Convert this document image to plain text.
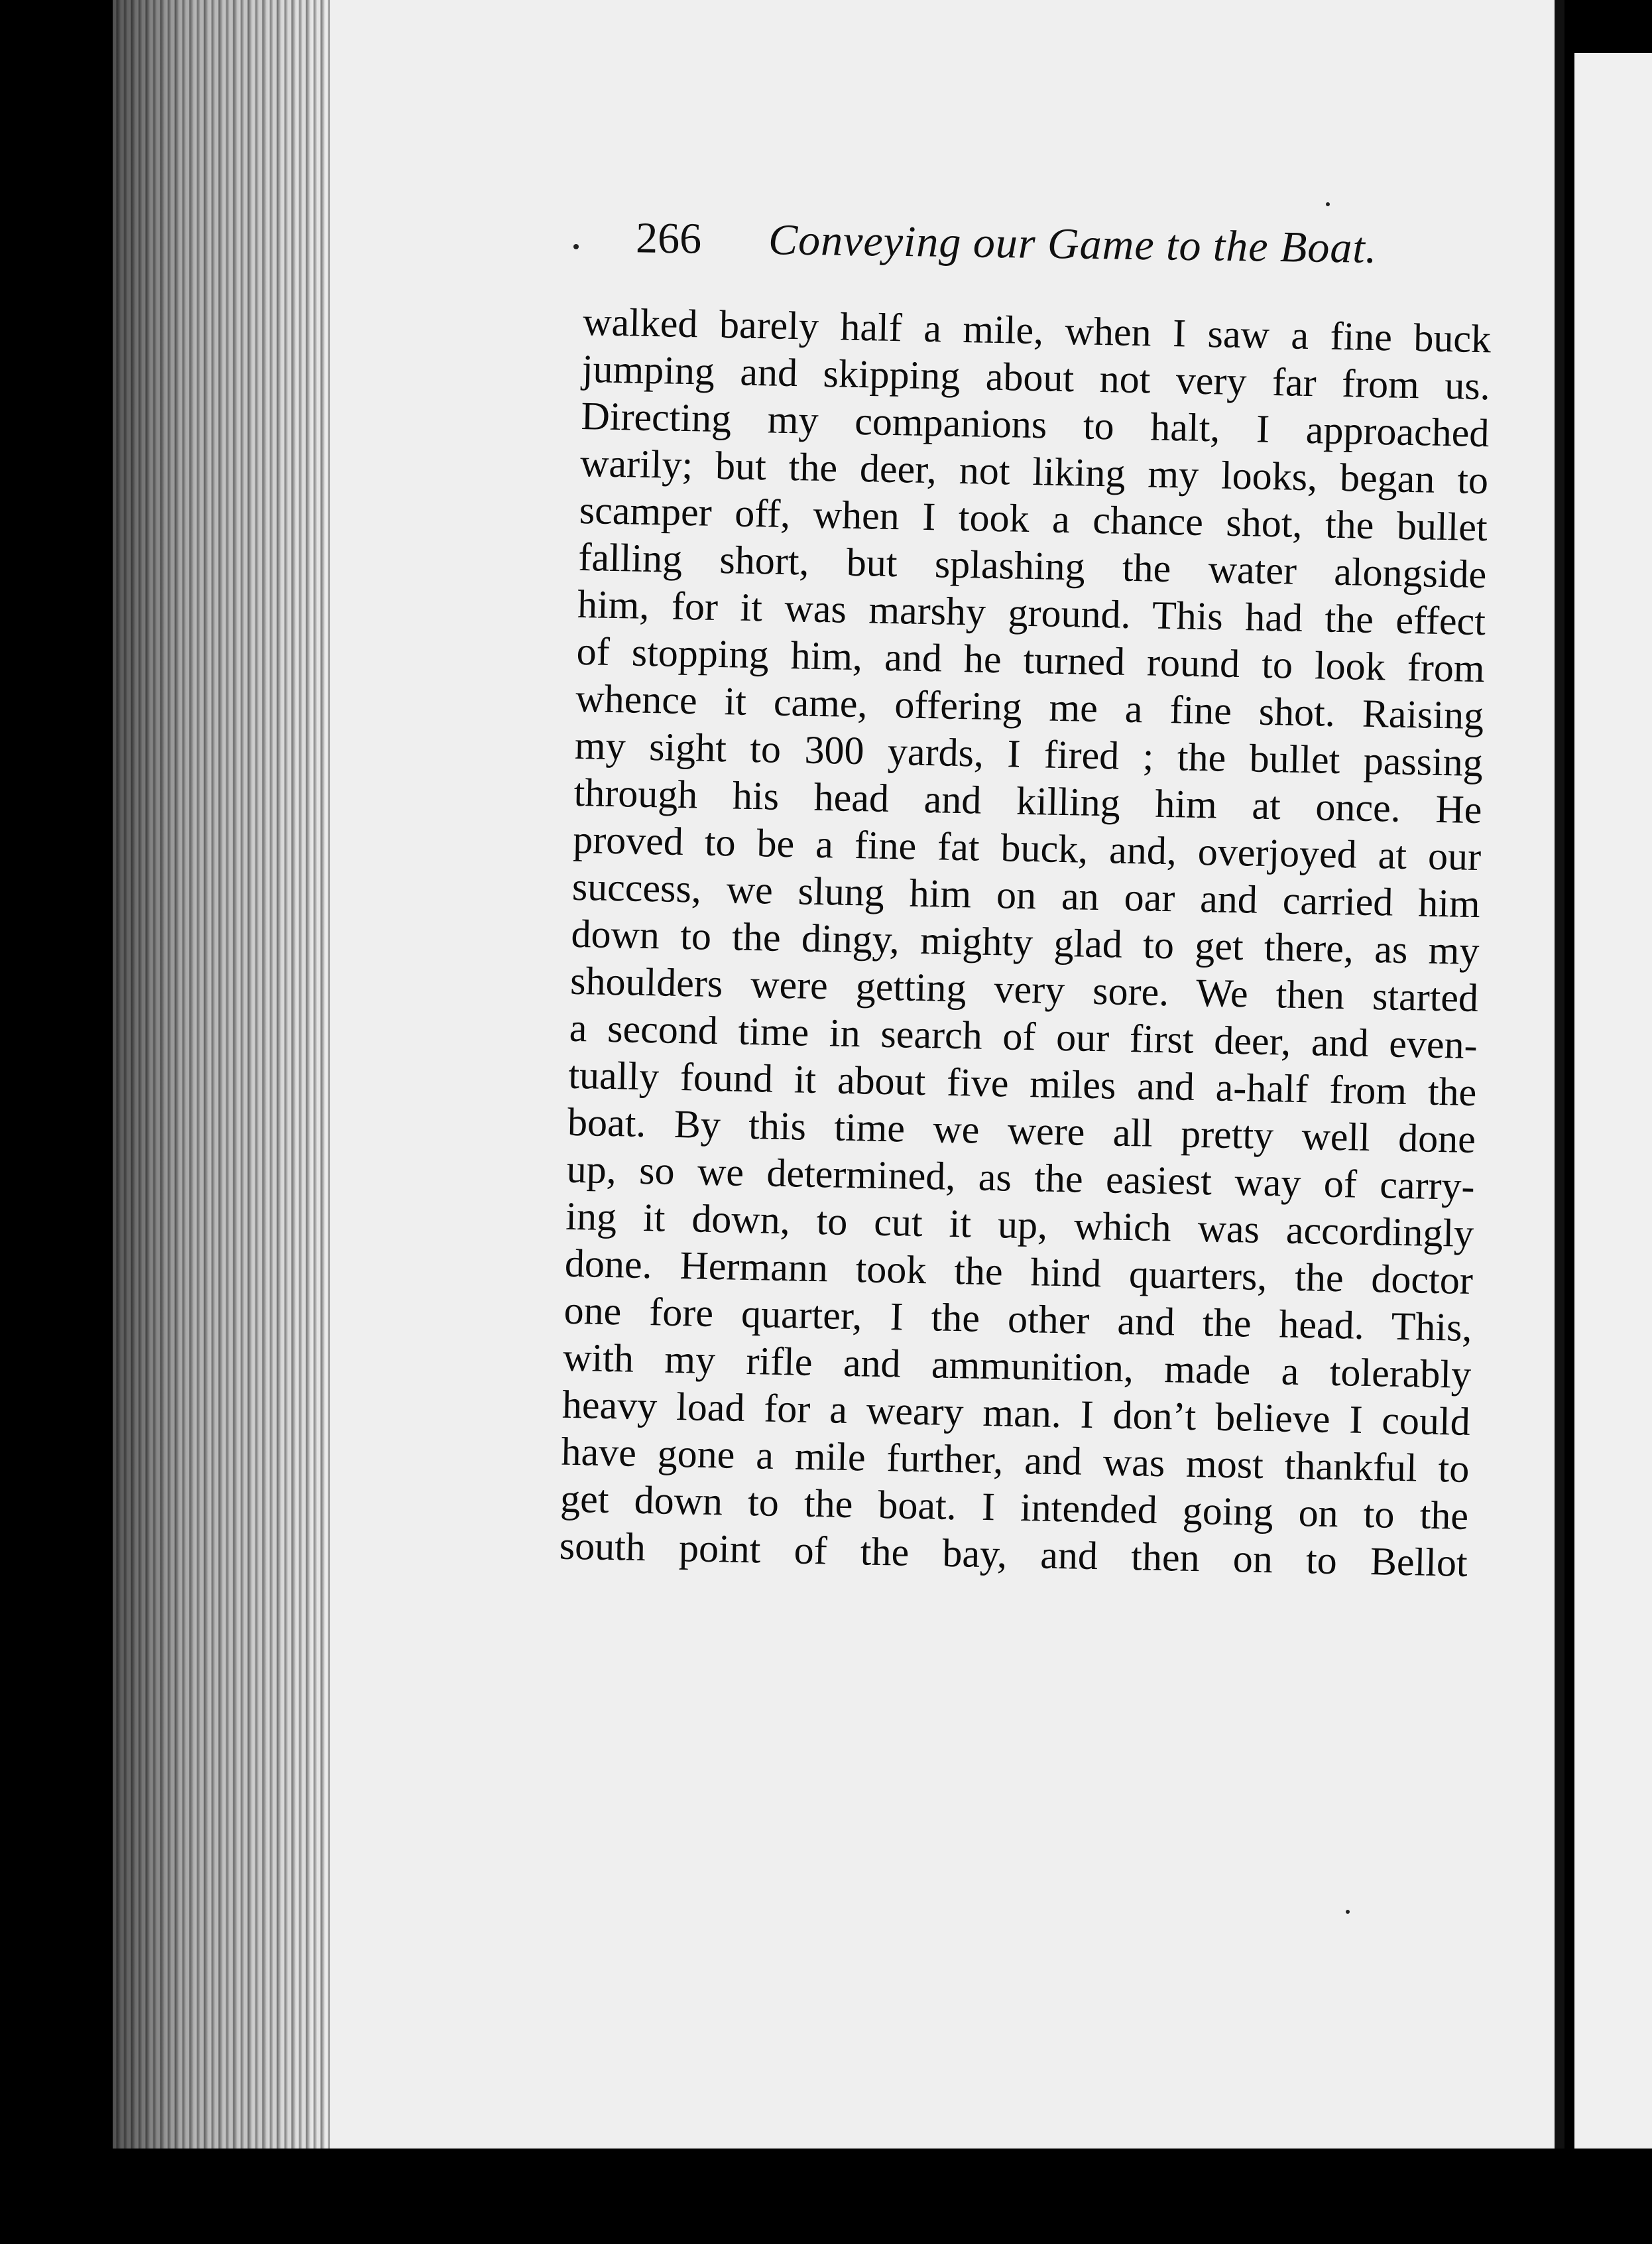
266 Conveying our Game to the Boat.
walked barely half a mile, when I saw a fine buck
jumping and skipping about not very far from us.
Directing my companions to halt, I approached
warily; but the deer, not liking my looks, began to
scamper off, when I took a chance shot, the bullet
falling short, but splashing the water alongside
him, for it was marshy ground. This had the effect
of stopping him, and he turned round to look from
whence it came, offering me a fine shot. Raising
my sight to 300 yards, I fired ; the bullet passing
through his head and killing him at once. He
proved to be a fine fat buck, and, overjoyed at our
success, we slung him on an oar and carried him
down to the dingy, mighty glad to get there, as my
shoulders were getting very sore. We then started
a second time in search of our first deer, and even-
tually found it about five miles and a-half from the
boat. By this time we were all pretty well done
up, so we determined, as the easiest way of carry-
ing it down, to cut it up, which was accordingly
done. Hermann took the hind quarters, the doctor
one fore quarter, I the other and the head. This,
with my rifle and ammunition, made a tolerably
heavy load for a weary man. I don’t believe I could
have gone a mile further, and was most thankful to
get down to the boat. I intended going on to the
south point of the bay, and then on to Bellot
